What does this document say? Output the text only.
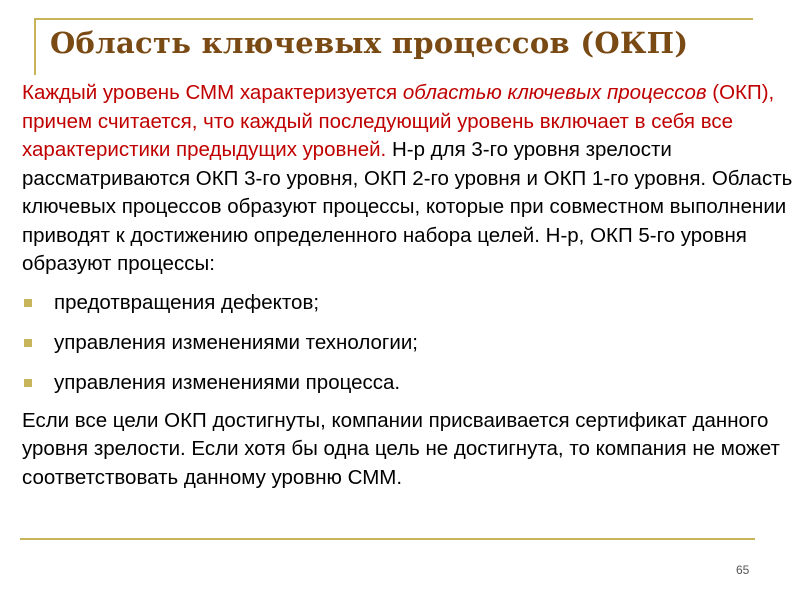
Область ключевых процессов (ОКП)

Каждый уровень СММ характеризуется областью ключевых процессов (ОКП), причем считается, что каждый последующий уровень включает в себя все характеристики предыдущих уровней. Н-р для 3-го уровня зрелости рассматриваются ОКП 3-го уровня, ОКП 2-го уровня и ОКП 1-го уровня. Область ключевых процессов образуют процессы, которые при совместном выполнении приводят к достижению определенного набора целей. Н-р, ОКП 5-го уровня образуют процессы:

предотвращения дефектов;
управления изменениями технологии;
управления изменениями процесса.

Если все цели ОКП достигнуты, компании присваивается сертификат данного уровня зрелости. Если хотя бы одна цель не достигнута, то компания не может соответствовать данному уровню СММ.

65
